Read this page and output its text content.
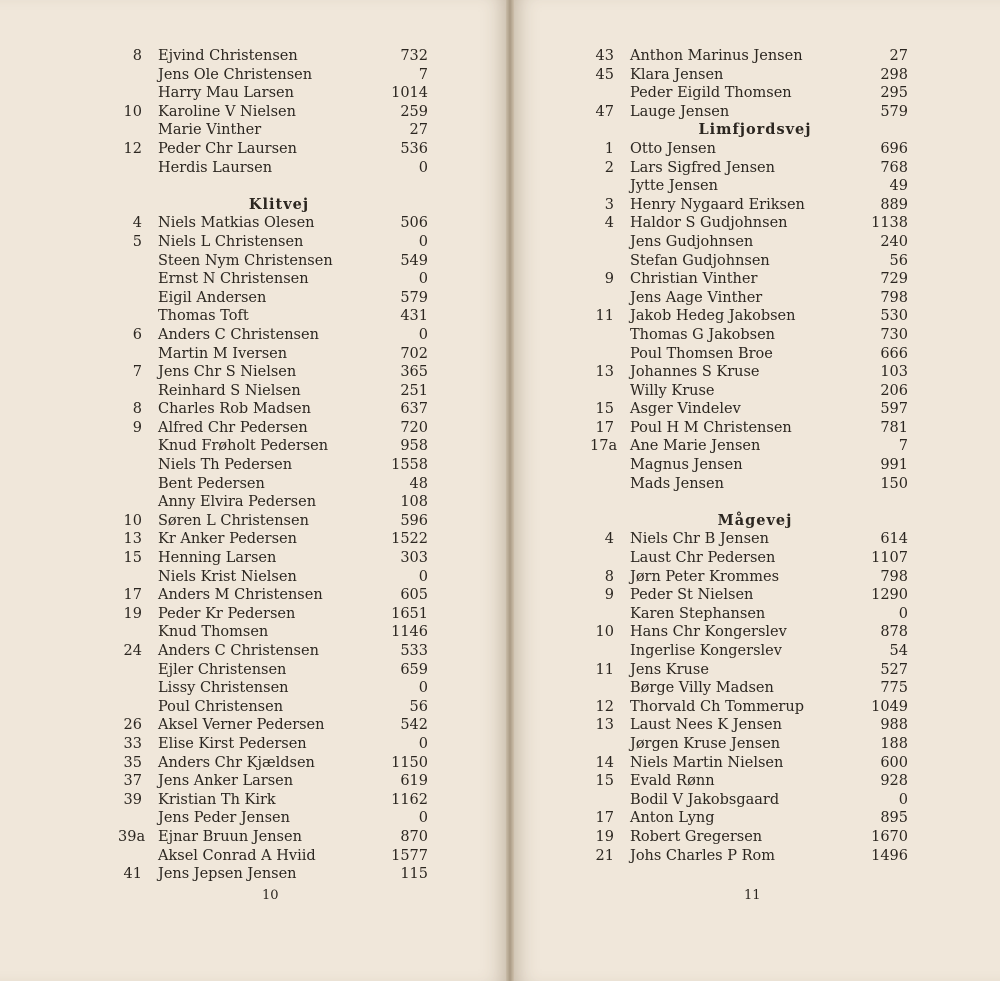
8 Ejvind Christensen	732
Jens Ole Christensen	7
Harry Mau Larsen	1014
10 Karoline V Nielsen	259
Marie Vinther	27
12 Peder Chr Laursen	536
Herdis Laursen	0
Klitvej
4 Niels Matkias Olesen	506
5 Niels L Christensen	0
Steen Nym Christensen	549
Ernst N Christensen	0
Eigil Andersen	579
Thomas Toft	431
6 Anders C Christensen	0
Martin M Iversen	702
7 Jens Chr S Nielsen	365
Reinhard S Nielsen	251
8 Charles Rob Madsen	637
9 Alfred Chr Pedersen	720
Knud Frøholt Pedersen	958
Niels Th Pedersen	1558
Bent Pedersen	48
Anny Elvira Pedersen	108
10 Søren L Christensen	596
13 Kr Anker Pedersen	1522
15 Henning Larsen	303
Niels Krist Nielsen	0
17 Anders M Christensen	605
19 Peder Kr Pedersen	1651
Knud Thomsen	1146
24 Anders C Christensen	533
Ejler Christensen	659
Lissy Christensen	0
Poul Christensen	56
26 Aksel Verner Pedersen	542
33 Elise Kirst Pedersen	0
35 Anders Chr Kjældsen	1150
37 Jens Anker Larsen	619
39 Kristian Th Kirk	1162
Jens Peder Jensen	0
39a Ejnar Bruun Jensen	870
Aksel Conrad A Hviid	1577
41 Jens Jepsen Jensen	115
43 Anthon Marinus Jensen	27
45 Klara Jensen	298
Peder Eigild Thomsen	295
47 Lauge Jensen	579
Limfjordsvej
1 Otto Jensen	696
2 Lars Sigfred Jensen	768
Jytte Jensen	49
3 Henry Nygaard Eriksen	889
4 Haldor S Gudjohnsen	1138
Jens Gudjohnsen	240
Stefan Gudjohnsen	56
9 Christian Vinther	729
Jens Aage Vinther	798
11 Jakob Hedeg Jakobsen	530
Thomas G Jakobsen	730
Poul Thomsen Broe	666
13 Johannes S Kruse	103
Willy Kruse	206
15 Asger Vindelev	597
17 Poul H M Christensen	781
17a Ane Marie Jensen	7
Magnus Jensen	991
Mads Jensen	150
Mågevej
4 Niels Chr B Jensen	614
Laust Chr Pedersen	1107
8 Jørn Peter Krommes	798
9 Peder St Nielsen	1290
Karen Stephansen	0
10 Hans Chr Kongerslev	878
Ingerlise Kongerslev	54
11 Jens Kruse	527
Børge Villy Madsen	775
12 Thorvald Ch Tommerup	1049
13 Laust Nees K Jensen	988
Jørgen Kruse Jensen	188
14 Niels Martin Nielsen	600
15 Evald Rønn	928
Bodil V Jakobsgaard	0
17 Anton Lyng	895
19 Robert Gregersen	1670
21 Johs Charles P Rom	1496
10	11
